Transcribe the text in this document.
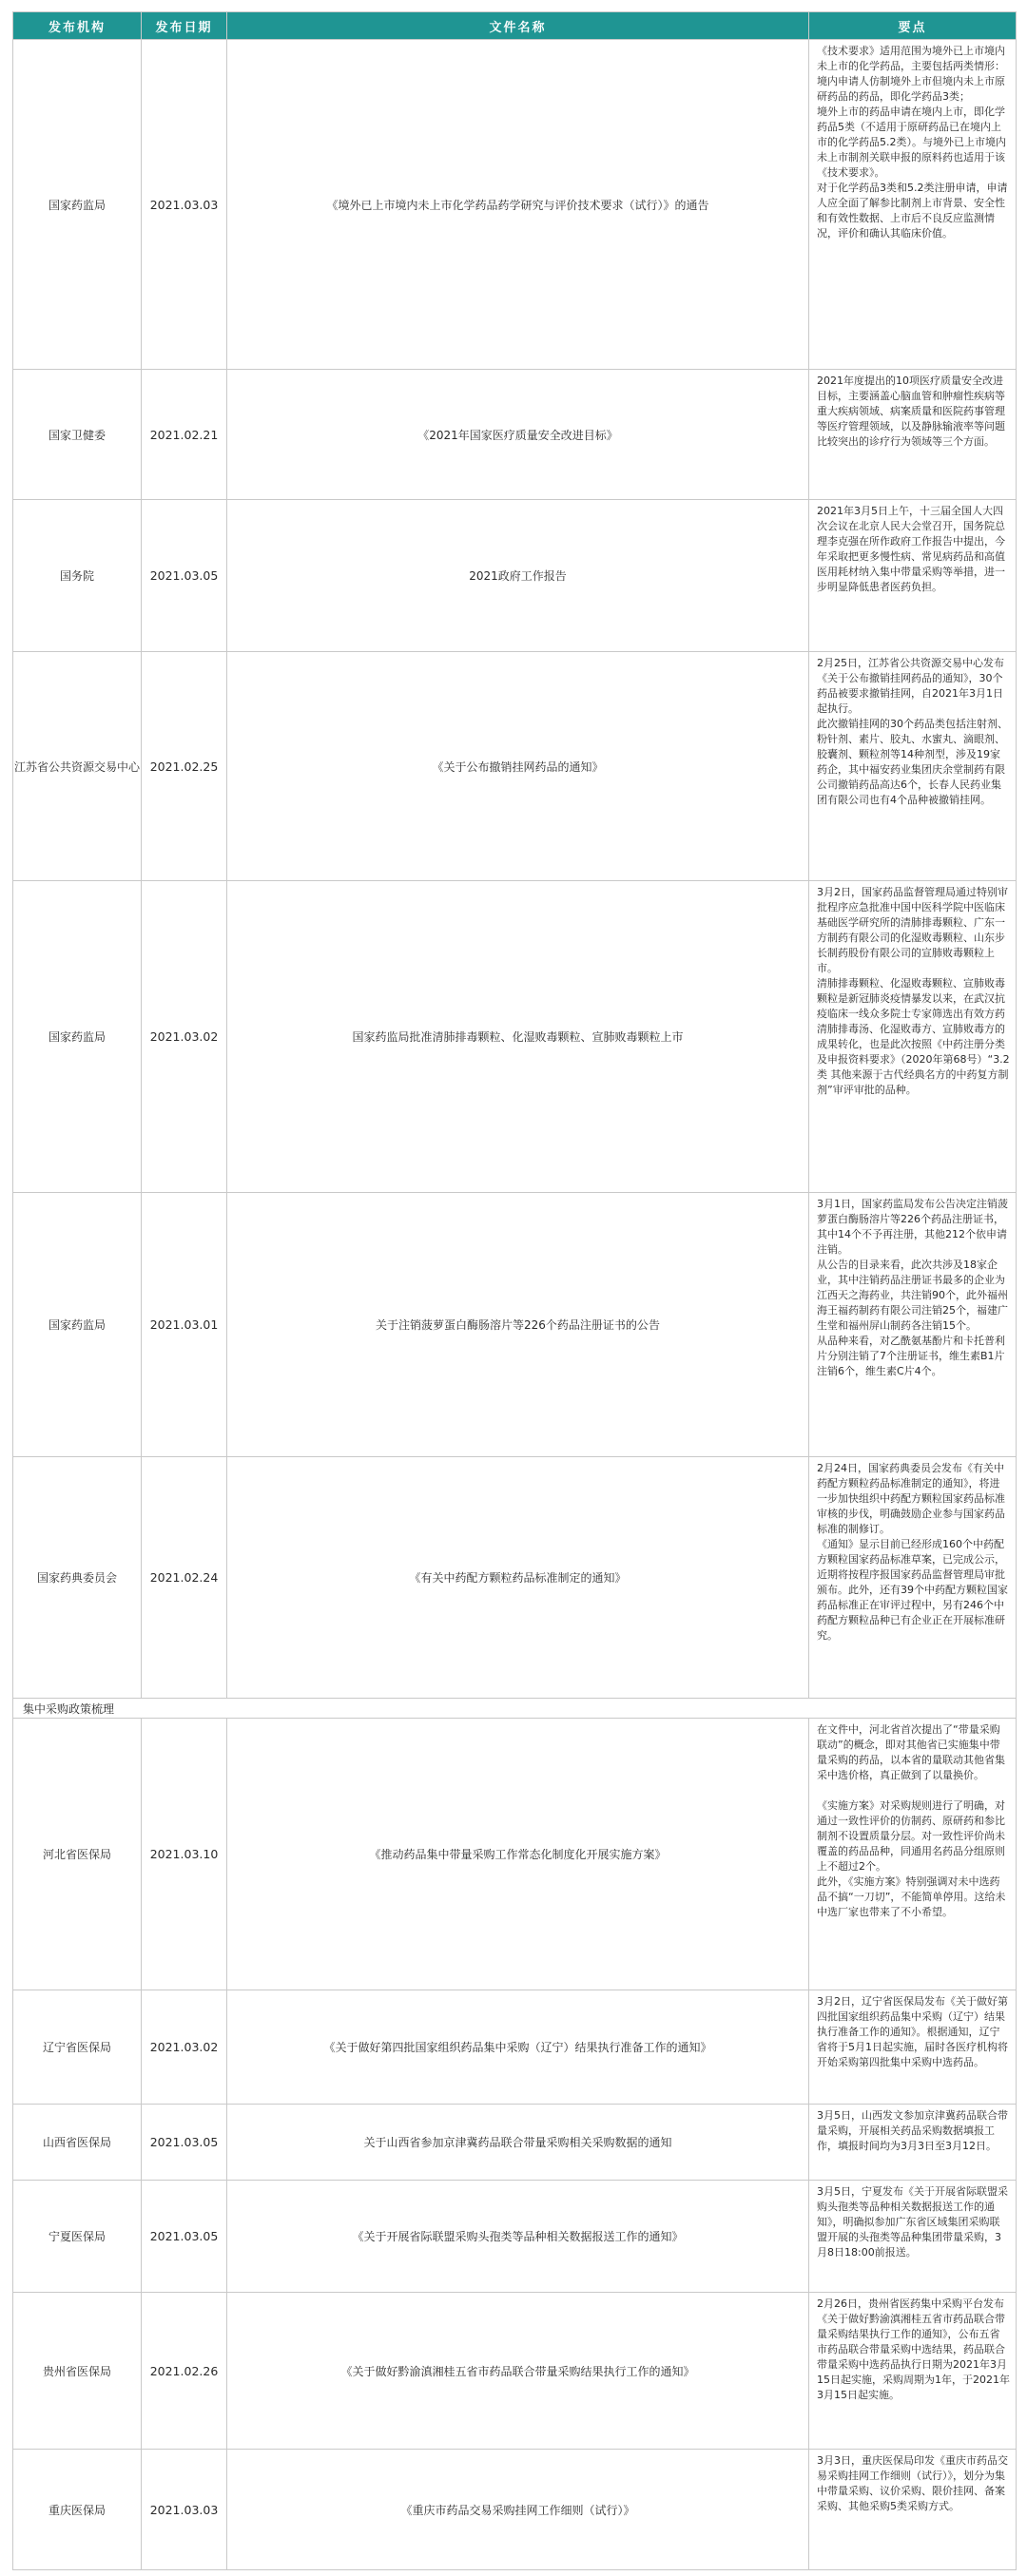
发布机构	发布日期	文件名称	要点
国家药监局	2021.03.03	《境外已上市境内未上市化学药品药学研究与评价技术要求（试行）》的通告	《技术要求》适用范围为境外已上市境内未上市的化学药品，主要包括两类情形：
境内申请人仿制境外上市但境内未上市原研药品的药品，即化学药品3类；
境外上市的药品申请在境内上市，即化学药品5类（不适用于原研药品已在境内上市的化学药品5.2类）。与境外已上市境内未上市制剂关联申报的原料药也适用于该《技术要求》。
对于化学药品3类和5.2类注册申请，申请人应全面了解参比制剂上市背景、安全性和有效性数据、上市后不良反应监测情况，评价和确认其临床价值。
国家卫健委	2021.02.21	《2021年国家医疗质量安全改进目标》	2021年度提出的10项医疗质量安全改进目标，主要涵盖心脑血管和肿瘤性疾病等重大疾病领域、病案质量和医院药事管理等医疗管理领域，以及静脉输液率等问题比较突出的诊疗行为领域等三个方面。
国务院	2021.03.05	2021政府工作报告	2021年3月5日上午，十三届全国人大四次会议在北京人民大会堂召开，国务院总理李克强在所作政府工作报告中提出，今年采取把更多慢性病、常见病药品和高值医用耗材纳入集中带量采购等举措，进一步明显降低患者医药负担。
江苏省公共资源交易中心	2021.02.25	《关于公布撤销挂网药品的通知》	2月25日，江苏省公共资源交易中心发布《关于公布撤销挂网药品的通知》，30个药品被要求撤销挂网，自2021年3月1日起执行。
此次撤销挂网的30个药品类包括注射剂、粉针剂、素片、胶丸、水蜜丸、滴眼剂、胶囊剂、颗粒剂等14种剂型，涉及19家药企，其中福安药业集团庆余堂制药有限公司撤销药品高达6个，长春人民药业集团有限公司也有4个品种被撤销挂网。
国家药监局	2021.03.02	国家药监局批准清肺排毒颗粒、化湿败毒颗粒、宣肺败毒颗粒上市	3月2日，国家药品监督管理局通过特别审批程序应急批准中国中医科学院中医临床基础医学研究所的清肺排毒颗粒、广东一方制药有限公司的化湿败毒颗粒、山东步长制药股份有限公司的宣肺败毒颗粒上市。
清肺排毒颗粒、化湿败毒颗粒、宣肺败毒颗粒是新冠肺炎疫情暴发以来，在武汉抗疫临床一线众多院士专家筛选出有效方药清肺排毒汤、化湿败毒方、宣肺败毒方的成果转化，也是此次按照《中药注册分类及申报资料要求》（2020年第68号）“3.2类 其他来源于古代经典名方的中药复方制剂”审评审批的品种。
国家药监局	2021.03.01	关于注销菠萝蛋白酶肠溶片等226个药品注册证书的公告	3月1日，国家药监局发布公告决定注销菠萝蛋白酶肠溶片等226个药品注册证书，其中14个不予再注册，其他212个依申请注销。
从公告的目录来看，此次共涉及18家企业，其中注销药品注册证书最多的企业为江西天之海药业，共注销90个，此外福州海王福药制药有限公司注销25个，福建广生堂和福州屏山制药各注销15个。
从品种来看，对乙酰氨基酚片和卡托普利片分别注销了7个注册证书，维生素B1片注销6个，维生素C片4个。
国家药典委员会	2021.02.24	《有关中药配方颗粒药品标准制定的通知》	2月24日，国家药典委员会发布《有关中药配方颗粒药品标准制定的通知》，将进一步加快组织中药配方颗粒国家药品标准审核的步伐，明确鼓励企业参与国家药品标准的制修订。
《通知》显示目前已经形成160个中药配方颗粒国家药品标准草案，已完成公示，近期将按程序报国家药品监督管理局审批颁布。此外，还有39个中药配方颗粒国家药品标准正在审评过程中，另有246个中药配方颗粒品种已有企业正在开展标准研究。
集中采购政策梳理			
河北省医保局	2021.03.10	《推动药品集中带量采购工作常态化制度化开展实施方案》	在文件中，河北省首次提出了“带量采购联动”的概念，即对其他省已实施集中带量采购的药品，以本省的量联动其他省集采中选价格，真正做到了以量换价。

《实施方案》对采购规则进行了明确，对通过一致性评价的仿制药、原研药和参比制剂不设置质量分层。对一致性评价尚未覆盖的药品品种，同通用名药品分组原则上不超过2个。
此外，《实施方案》特别强调对未中选药品不搞“一刀切”，不能简单停用。这给未中选厂家也带来了不小希望。
辽宁省医保局	2021.03.02	《关于做好第四批国家组织药品集中采购（辽宁）结果执行准备工作的通知》	3月2日，辽宁省医保局发布《关于做好第四批国家组织药品集中采购（辽宁）结果执行准备工作的通知》。根据通知，辽宁省将于5月1日起实施，届时各医疗机构将开始采购第四批集中采购中选药品。
山西省医保局	2021.03.05	关于山西省参加京津冀药品联合带量采购相关采购数据的通知	3月5日，山西发文参加京津冀药品联合带量采购，开展相关药品采购数据填报工作，填报时间均为3月3日至3月12日。
宁夏医保局	2021.03.05	《关于开展省际联盟采购头孢类等品种相关数据报送工作的通知》	3月5日，宁夏发布《关于开展省际联盟采购头孢类等品种相关数据报送工作的通知》，明确拟参加广东省区域集团采购联盟开展的头孢类等品种集团带量采购，3月8日18:00前报送。
贵州省医保局	2021.02.26	《关于做好黔渝滇湘桂五省市药品联合带量采购结果执行工作的通知》	2月26日，贵州省医药集中采购平台发布《关于做好黔渝滇湘桂五省市药品联合带量采购结果执行工作的通知》，公布五省市药品联合带量采购中选结果，药品联合带量采购中选药品执行日期为2021年3月15日起实施，采购周期为1年，于2021年3月15日起实施。
重庆医保局	2021.03.03	《重庆市药品交易采购挂网工作细则（试行）》	3月3日，重庆医保局印发《重庆市药品交易采购挂网工作细则（试行）》，划分为集中带量采购、议价采购、限价挂网、备案采购、其他采购5类采购方式。
